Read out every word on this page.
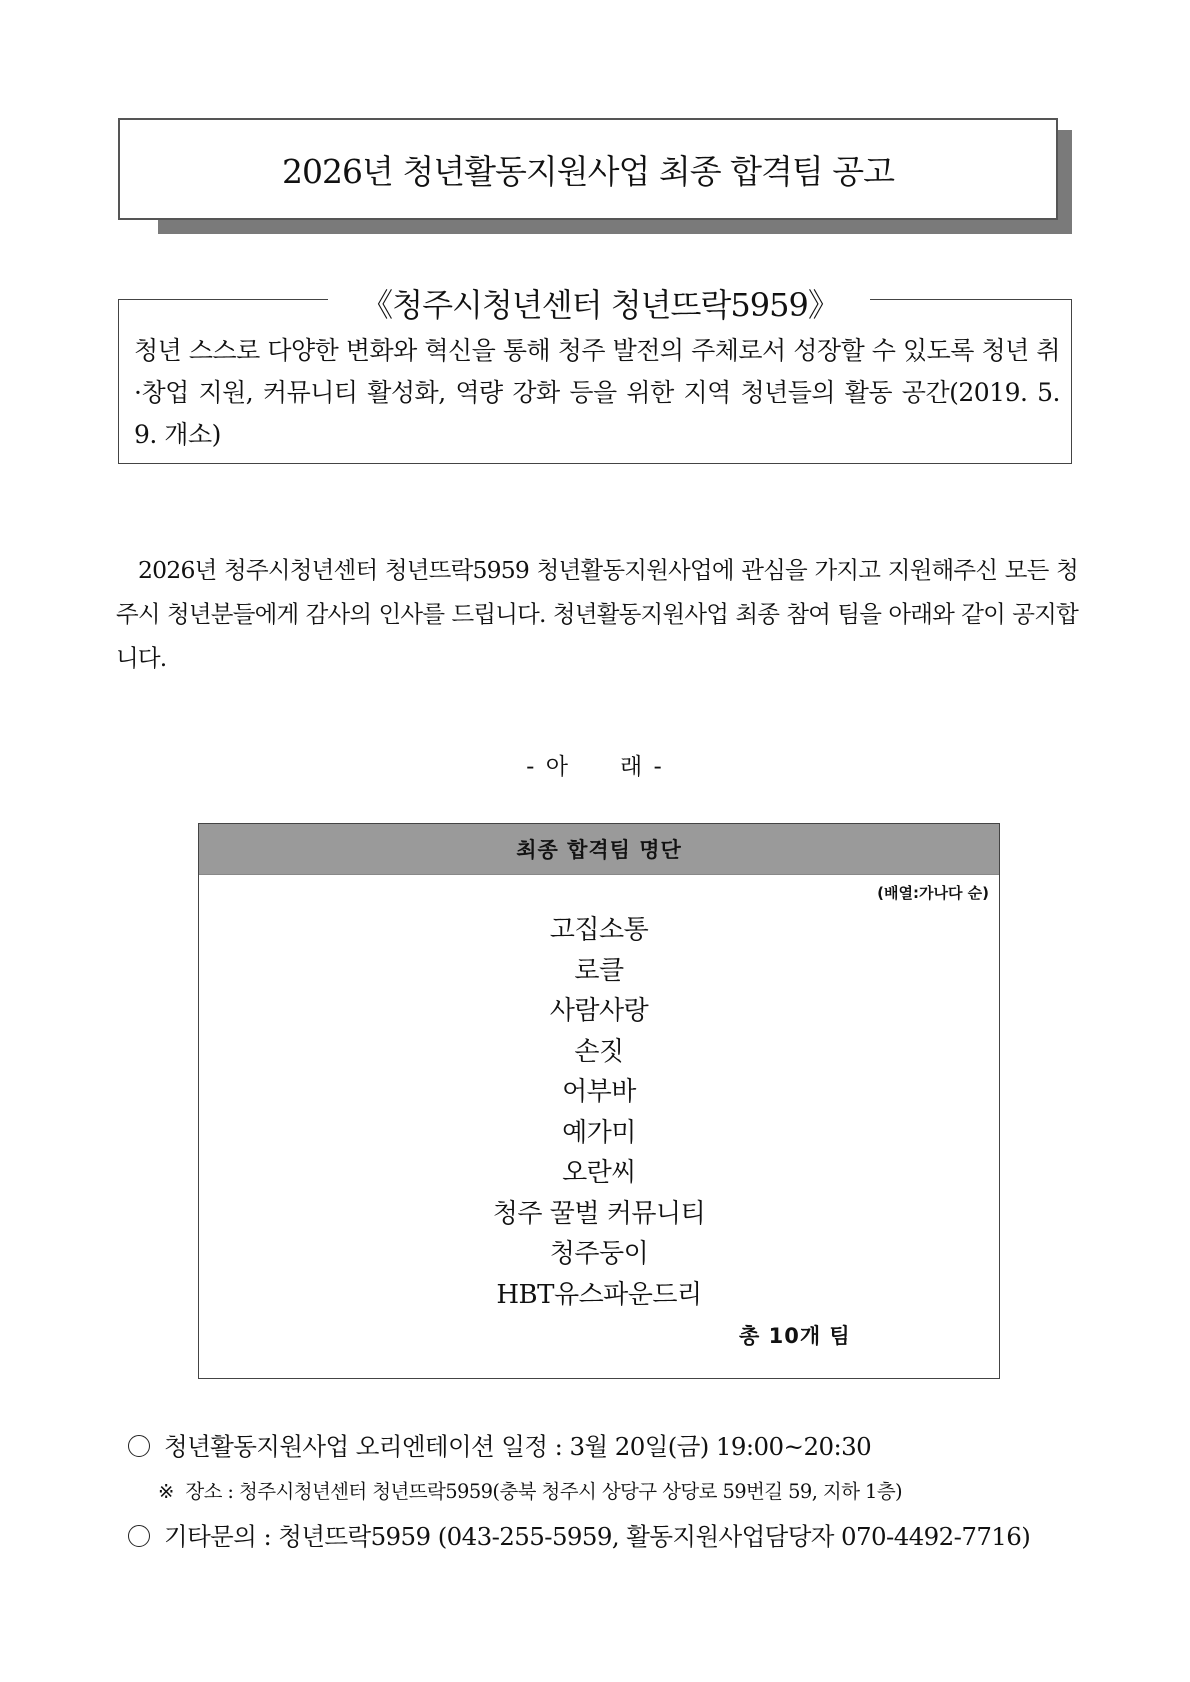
2026년 청년활동지원사업 최종 합격팀 공고
《청주시청년센터 청년뜨락5959》
청년 스스로 다양한 변화와 혁신을 통해 청주 발전의 주체로서 성장할 수 있도록 청년 취·창업 지원, 커뮤니티 활성화, 역량 강화 등을 위한 지역 청년들의 활동 공간(2019. 5. 9. 개소)
2026년 청주시청년센터 청년뜨락5959 청년활동지원사업에 관심을 가지고 지원해주신 모든 청주시 청년분들에게 감사의 인사를 드립니다. 청년활동지원사업 최종 참여 팀을 아래와 같이 공지합니다.
- 아　　래 -
최종 합격팀 명단
(배열:가나다 순)
고집소통
로클
사람사랑
손짓
어부바
예가미
오란씨
청주 꿀벌 커뮤니티
청주둥이
HBT유스파운드리
총 10개 팀
청년활동지원사업 오리엔테이션 일정 : 3월 20일(금) 19:00~20:30
※ 장소 : 청주시청년센터 청년뜨락5959(충북 청주시 상당구 상당로 59번길 59, 지하 1층)
기타문의 : 청년뜨락5959 (043-255-5959, 활동지원사업담당자 070-4492-7716)
